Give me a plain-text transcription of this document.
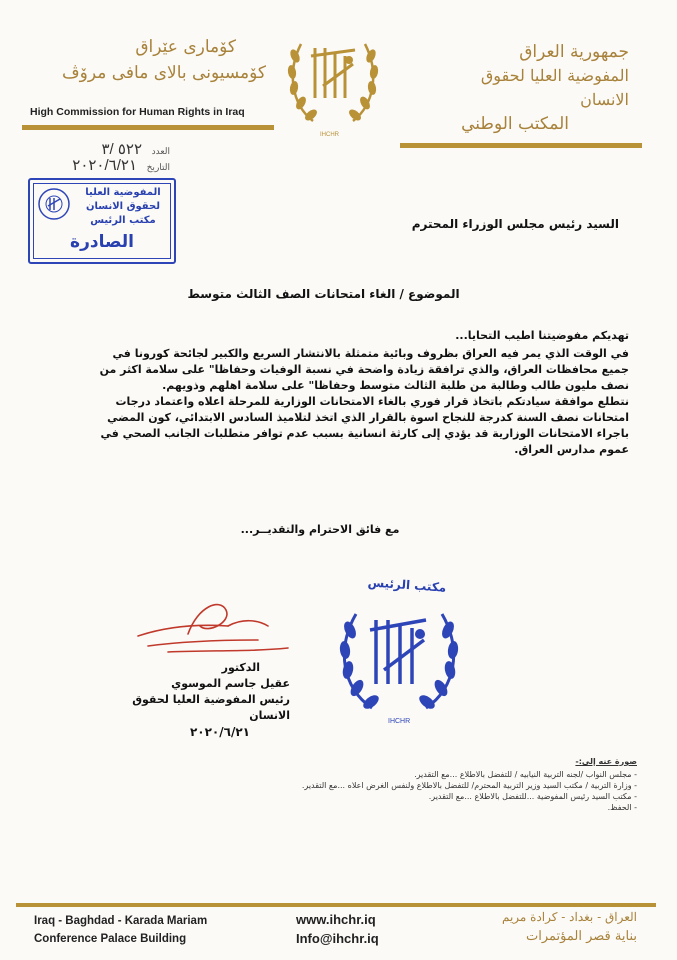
جمهورية العراق
المفوضية العليا لحقوق الانسان
المكتب الوطني
كۆماری عێراق
كۆمسیونی بالای مافی مرۆڤ
High Commission for Human Rights in Iraq
IHCHR
العدد ٥٢٢ /٣
التاريخ ٢٠٢٠/٦/٢١
المفوضية العليا
لحقوق الانسان
مكتب الرئيس
الصادرة
السيد رئيس مجلس الوزراء المحترم
الموضوع / الغاء امتحانات الصف الثالث متوسط
تهديكم مفوضيتنا اطيب التحايا...
في الوقت الذي يمر فيه العراق بظروف وبائية متمثلة بالانتشار السريع والكبير لجائحة كورونا في
جميع محافظات العراق، والذي ترافقة زيادة واضحة في نسبة الوفيات وحفاظا" على سلامة اكثر من
نصف مليون طالب وطالبة من طلبة الثالث متوسط وحفاظا" على سلامة اهلهم وذويهم.
نتطلع موافقة سيادتكم باتخاذ قرار فوري بالغاء الامتحانات الوزارية للمرحلة اعلاه واعتماد درجات
امتحانات نصف السنة كدرجة للنجاح اسوة بالقرار الذي اتخذ لتلاميذ السادس الابتدائي، كون المضي
باجراء الامتحانات الوزارية قد يؤدي إلى كارثة انسانية بسبب عدم توافر متطلبات الجانب الصحي في
عموم مدارس العراق.
مع فائق الاحترام والتقديــر...
مكتب الرئيس
IHCHR
الدكتور
عقيل جاسم الموسوي
رئيس المفوضية العليا لحقوق الانسان
٢٠٢٠/٦/٢١
صورة عنه إلى:-
- مجلس النواب /لجنه التربية النيابيه / للتفضل بالاطلاع ...مع التقدير.
- وزارة التربية / مكتب السيد وزير التربية المحترم/ للتفضل بالاطلاع ولنفس الغرض اعلاه ...مع التقدير.
- مكتب السيد رئيس المفوضية ...للتفضل بالاطلاع ...مع التقدير.
- الحفظ.
Iraq - Baghdad - Karada Mariam
Conference Palace Building
www.ihchr.iq
Info@ihchr.iq
العراق - بغداد - كرادة مريم
بناية قصر المؤتمرات
